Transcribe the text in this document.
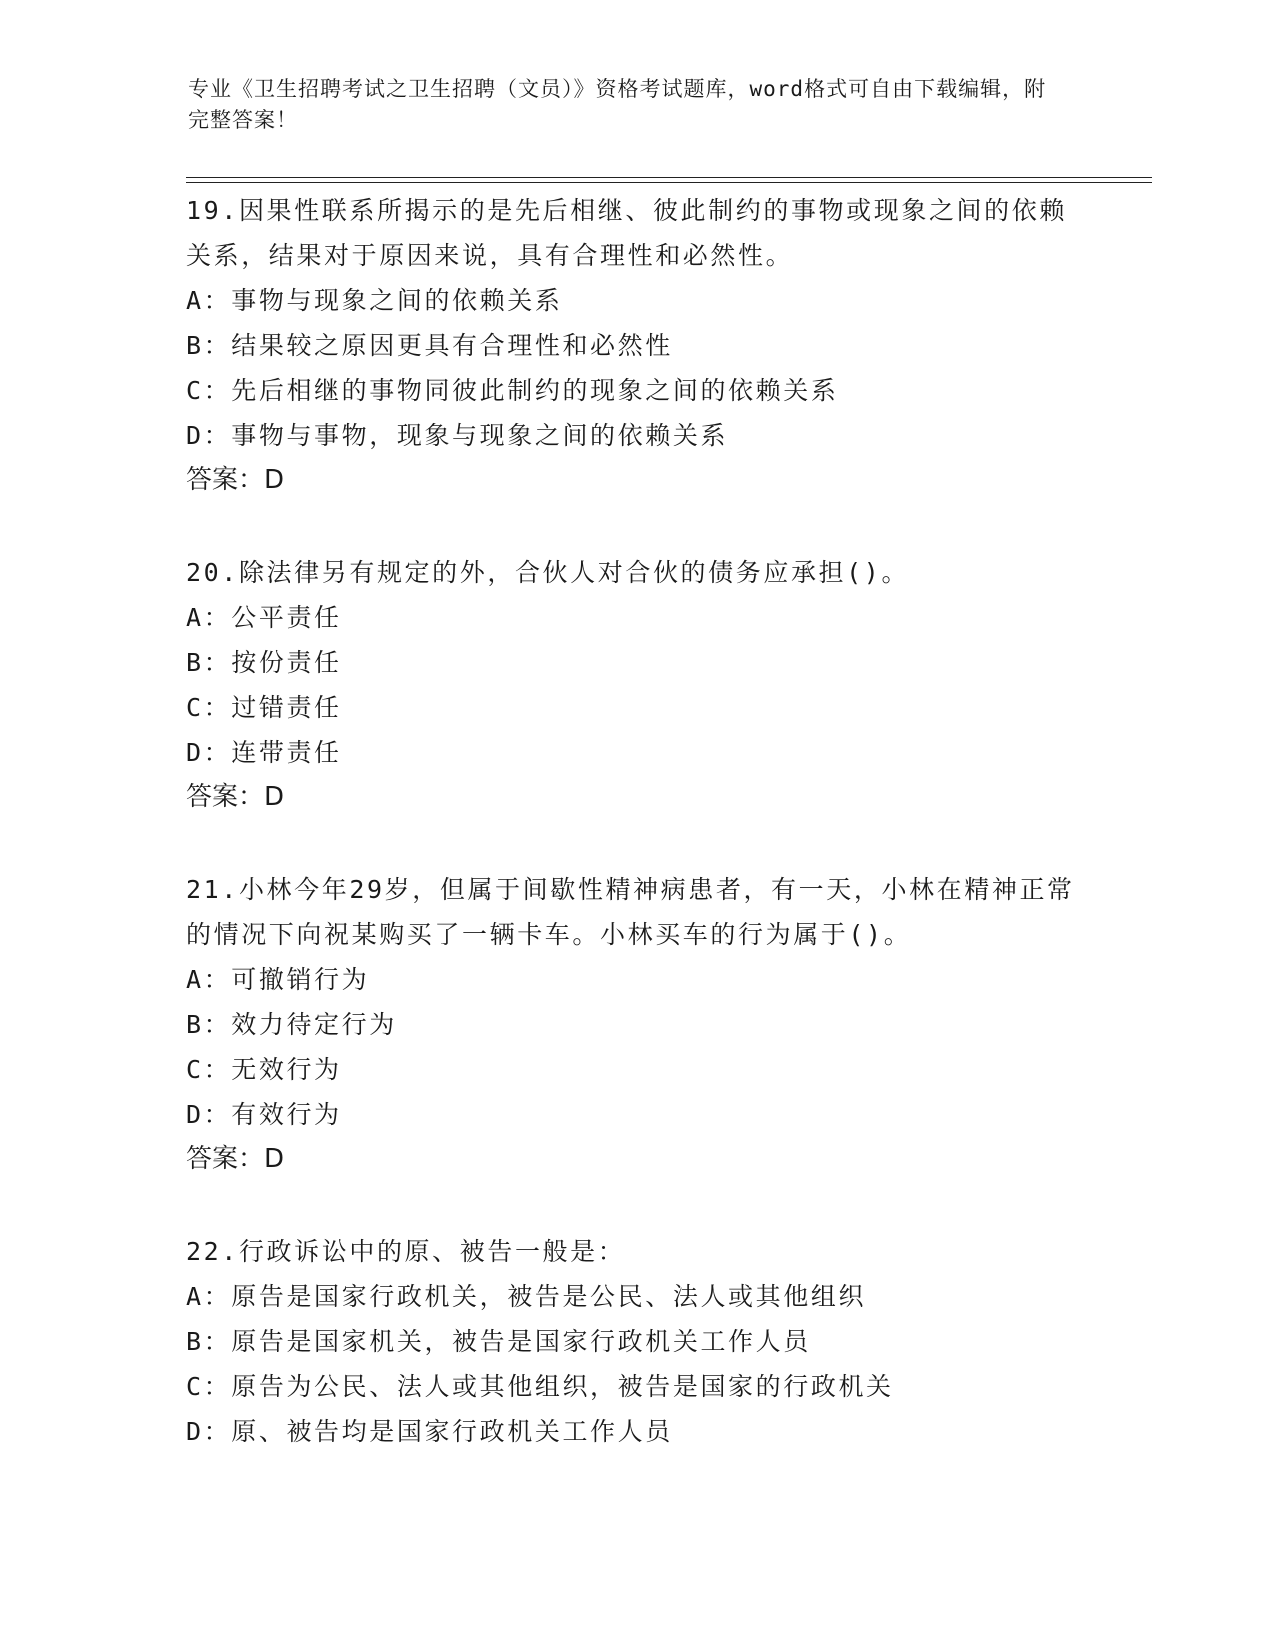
专业《卫生招聘考试之卫生招聘（文员）》资格考试题库，word格式可自由下载编辑，附完整答案！

19.因果性联系所揭示的是先后相继、彼此制约的事物或现象之间的依赖关系，结果对于原因来说，具有合理性和必然性。

A：事物与现象之间的依赖关系

B：结果较之原因更具有合理性和必然性

C：先后相继的事物同彼此制约的现象之间的依赖关系

D：事物与事物，现象与现象之间的依赖关系

答案：D

20.除法律另有规定的外，合伙人对合伙的债务应承担()。

A：公平责任

B：按份责任

C：过错责任

D：连带责任

答案：D

21.小林今年29岁，但属于间歇性精神病患者，有一天，小林在精神正常的情况下向祝某购买了一辆卡车。小林买车的行为属于()。

A：可撤销行为

B：效力待定行为

C：无效行为

D：有效行为

答案：D

22.行政诉讼中的原、被告一般是：

A：原告是国家行政机关，被告是公民、法人或其他组织

B：原告是国家机关，被告是国家行政机关工作人员

C：原告为公民、法人或其他组织，被告是国家的行政机关

D：原、被告均是国家行政机关工作人员
